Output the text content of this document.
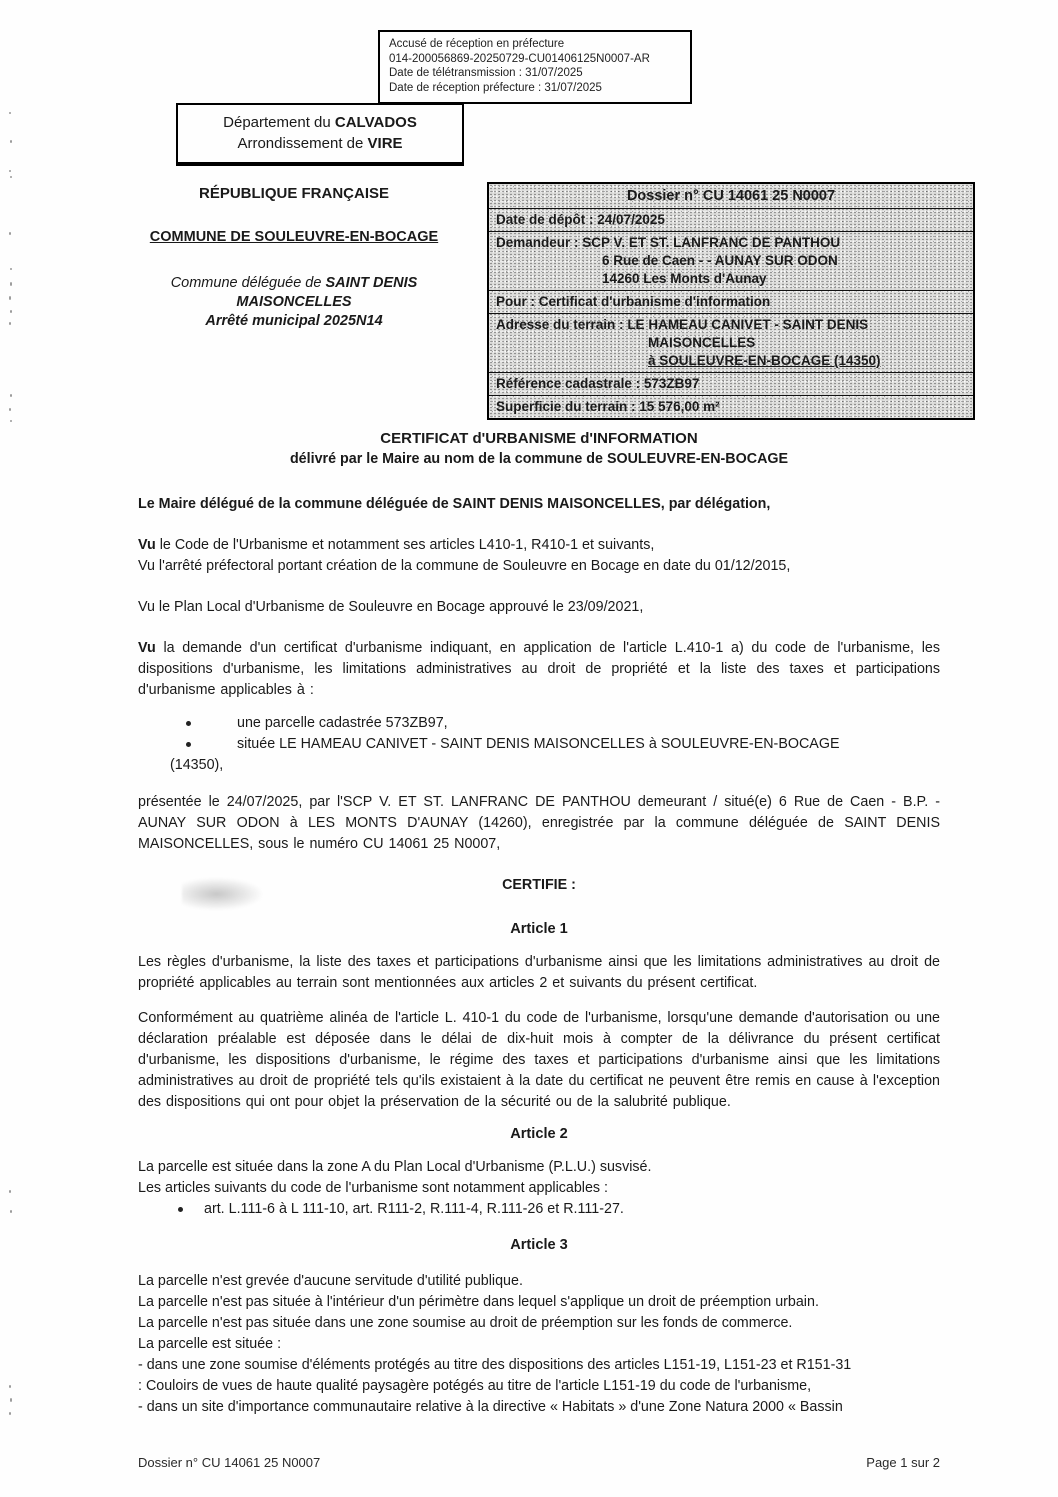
Accusé de réception en préfecture
014-200056869-20250729-CU01406125N0007-AR
Date de télétransmission : 31/07/2025
Date de réception préfecture : 31/07/2025
Département du CALVADOS
Arrondissement de VIRE
RÉPUBLIQUE FRANÇAISE
COMMUNE DE SOULEUVRE-EN-BOCAGE
Commune déléguée de SAINT DENIS MAISONCELLES
Arrêté municipal 2025N14
Dossier n° CU 14061 25 N0007
Date de dépôt : 24/07/2025
Demandeur : SCP V. ET ST. LANFRANC DE PANTHOU
6 Rue de Caen - - AUNAY SUR ODON
14260 Les Monts d'Aunay
Pour : Certificat d'urbanisme d'information
Adresse du terrain : LE HAMEAU CANIVET - SAINT DENIS
MAISONCELLES
à SOULEUVRE-EN-BOCAGE (14350)
Référence cadastrale : 573ZB97
Superficie du terrain : 15 576,00 m²
CERTIFICAT d'URBANISME d'INFORMATION
délivré par le Maire au nom de la commune de SOULEUVRE-EN-BOCAGE
Le Maire délégué de la commune déléguée de SAINT DENIS MAISONCELLES, par délégation,
Vu le Code de l'Urbanisme et notamment ses articles L410-1, R410-1 et suivants,
Vu l'arrêté préfectoral portant création de la commune de Souleuvre en Bocage en date du 01/12/2015,
Vu le Plan Local d'Urbanisme de Souleuvre en Bocage approuvé le 23/09/2021,
Vu la demande d'un certificat d'urbanisme indiquant, en application de l'article L.410-1 a) du code de l'urbanisme, les dispositions d'urbanisme, les limitations administratives au droit de propriété et la liste des taxes et participations d'urbanisme applicables à :
une parcelle cadastrée 573ZB97,
située LE HAMEAU CANIVET - SAINT DENIS MAISONCELLES à SOULEUVRE-EN-BOCAGE
(14350),
présentée le 24/07/2025, par l'SCP V. ET ST. LANFRANC DE PANTHOU demeurant / situé(e) 6 Rue de Caen - B.P. - AUNAY SUR ODON à LES MONTS D'AUNAY (14260), enregistrée par la commune déléguée de SAINT DENIS MAISONCELLES, sous le numéro CU 14061 25 N0007,
CERTIFIE :
Article 1
Les règles d'urbanisme, la liste des taxes et participations d'urbanisme ainsi que les limitations administratives au droit de propriété applicables au terrain sont mentionnées aux articles 2 et suivants du présent certificat.
Conformément au quatrième alinéa de l'article L. 410-1 du code de l'urbanisme, lorsqu'une demande d'autorisation ou une déclaration préalable est déposée dans le délai de dix-huit mois à compter de la délivrance du présent certificat d'urbanisme, les dispositions d'urbanisme, le régime des taxes et participations d'urbanisme ainsi que les limitations administratives au droit de propriété tels qu'ils existaient à la date du certificat ne peuvent être remis en cause à l'exception des dispositions qui ont pour objet la préservation de la sécurité ou de la salubrité publique.
Article 2
La parcelle est située dans la zone A du Plan Local d'Urbanisme (P.L.U.) susvisé.
Les articles suivants du code de l'urbanisme sont notamment applicables :
art. L.111-6 à L 111-10, art. R111-2, R.111-4, R.111-26 et R.111-27.
Article 3
La parcelle n'est grevée d'aucune servitude d'utilité publique.
La parcelle n'est pas située à l'intérieur d'un périmètre dans lequel s'applique un droit de préemption urbain.
La parcelle n'est pas située dans une zone soumise au droit de préemption sur les fonds de commerce.
La parcelle est située :
- dans une zone soumise d'éléments protégés au titre des dispositions des articles L151-19, L151-23 et R151-31
: Couloirs de vues de haute qualité paysagère potégés au titre de l'article L151-19 du code de l'urbanisme,
- dans un site d'importance communautaire relative à la directive « Habitats » d'une Zone Natura 2000 « Bassin
Dossier n° CU 14061 25 N0007	Page 1 sur 2
